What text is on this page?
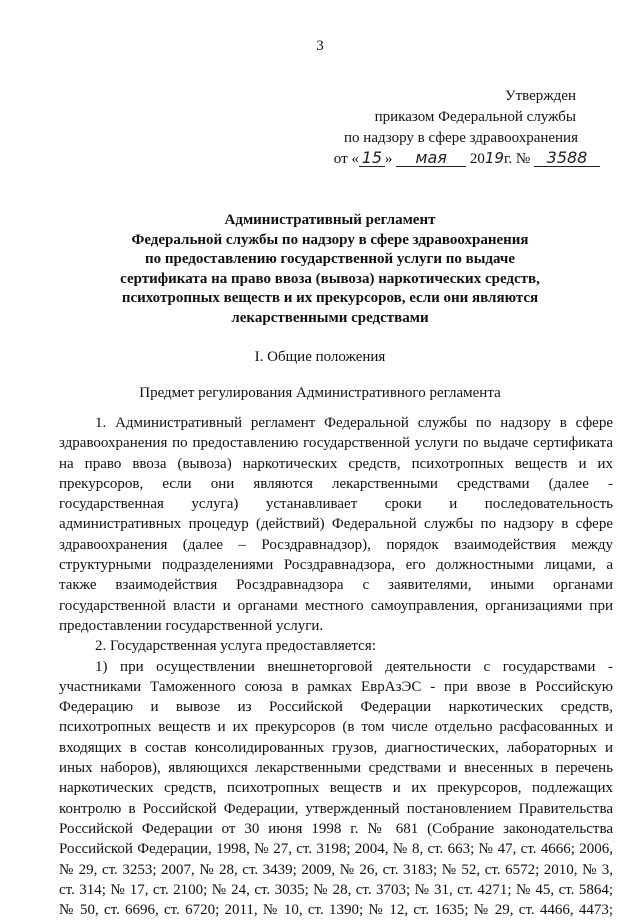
3
Утвержден
приказом Федеральной службы
по надзору в сфере здравоохранения
от « 15 » мая 2019г. № 3588
Административный регламент
Федеральной службы по надзору в сфере здравоохранения
по предоставлению государственной услуги по выдаче
сертификата на право ввоза (вывоза) наркотических средств,
психотропных веществ и их прекурсоров, если они являются
лекарственными средствами
I. Общие положения
Предмет регулирования Административного регламента
1. Административный регламент Федеральной службы по надзору в сфере
здравоохранения по предоставлению государственной услуги по выдаче сертификата
на право ввоза (вывоза) наркотических средств, психотропных веществ и их
прекурсоров, если они являются лекарственными средствами (далее -
государственная услуга) устанавливает сроки и последовательность
административных процедур (действий) Федеральной службы по надзору в сфере
здравоохранения (далее – Росздравнадзор), порядок взаимодействия между
структурными подразделениями Росздравнадзора, его должностными лицами, а
также взаимодействия Росздравнадзора с заявителями, иными органами
государственной власти и органами местного самоуправления, организациями при
предоставлении государственной услуги.
2. Государственная услуга предоставляется:
1) при осуществлении внешнеторговой деятельности с государствами -
участниками Таможенного союза в рамках ЕврАзЭС - при ввозе в Российскую
Федерацию и вывозе из Российской Федерации наркотических средств,
психотропных веществ и их прекурсоров (в том числе отдельно расфасованных и
входящих в состав консолидированных грузов, диагностических, лабораторных и
иных наборов), являющихся лекарственными средствами и внесенных в перечень
наркотических средств, психотропных веществ и их прекурсоров, подлежащих
контролю в Российской Федерации, утвержденный постановлением Правительства
Российской Федерации от 30 июня 1998 г. № 681 (Собрание законодательства
Российской Федерации, 1998, № 27, ст. 3198; 2004, № 8, ст. 663; № 47, ст. 4666; 2006,
№ 29, ст. 3253; 2007, № 28, ст. 3439; 2009, № 26, ст. 3183; № 52, ст. 6572; 2010, № 3,
ст. 314; № 17, ст. 2100; № 24, ст. 3035; № 28, ст. 3703; № 31, ст. 4271; № 45, ст. 5864;
№ 50, ст. 6696, ст. 6720; 2011, № 10, ст. 1390; № 12, ст. 1635; № 29, ст. 4466, 4473;
